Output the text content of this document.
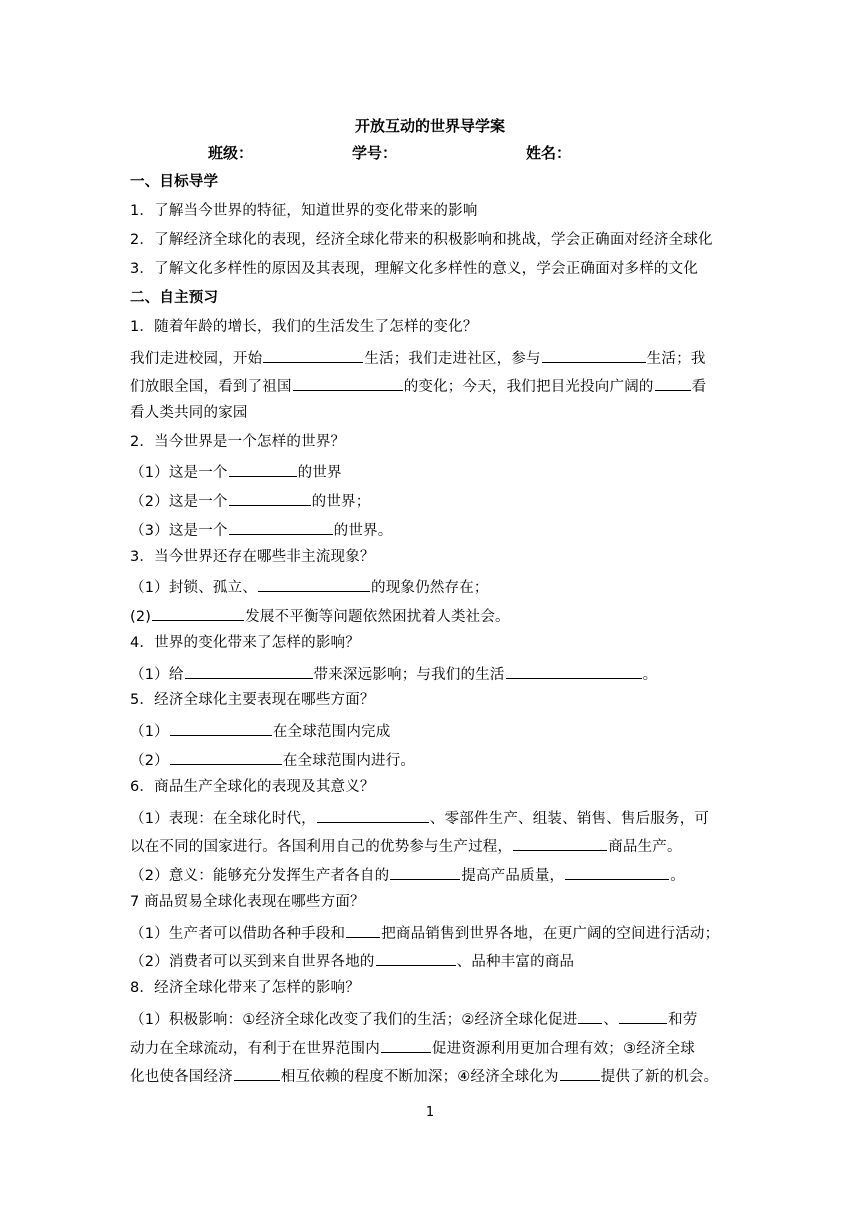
开放互动的世界导学案
班级：	学号：	姓名：
一、目标导学
1．了解当今世界的特征，知道世界的变化带来的影响
2．了解经济全球化的表现，经济全球化带来的积极影响和挑战，学会正确面对经济全球化
3．了解文化多样性的原因及其表现，理解文化多样性的意义，学会正确面对多样的文化
二、自主预习
1．随着年龄的增长，我们的生活发生了怎样的变化？
我们走进校园，开始	生活；我们走进社区，参与	生活；我
们放眼全国，看到了祖国	的变化；今天，我们把目光投向广阔的	看
看人类共同的家园
2．当今世界是一个怎样的世界？
（1）这是一个	的世界
（2）这是一个	的世界；
（3）这是一个	的世界。
3．当今世界还存在哪些非主流现象？
（1）封锁、孤立、	的现象仍然存在；
(2)	发展不平衡等问题依然困扰着人类社会。
4．世界的变化带来了怎样的影响？
（1）给	带来深远影响；与我们的生活	。
5．经济全球化主要表现在哪些方面？
（1）	在全球范围内完成
（2）	在全球范围内进行。
6．商品生产全球化的表现及其意义？
（1）表现：在全球化时代，	、零部件生产、组装、销售、售后服务，可
以在不同的国家进行。各国利用自己的优势参与生产过程，	商品生产。
（2）意义：能够充分发挥生产者各自的	提高产品质量，	。
7 商品贸易全球化表现在哪些方面？
（1）生产者可以借助各种手段和 把商品销售到世界各地，在更广阔的空间进行活动；
（2）消费者可以买到来自世界各地的	、品种丰富的商品
8．经济全球化带来了怎样的影响？
（1）积极影响：①经济全球化改变了我们的生活；②经济全球化促进 、	和劳
动力在全球流动，有利于在世界范围内	促进资源利用更加合理有效；③经济全球
化也使各国经济	相互依赖的程度不断加深；④经济全球化为	提供了新的机会。
1
